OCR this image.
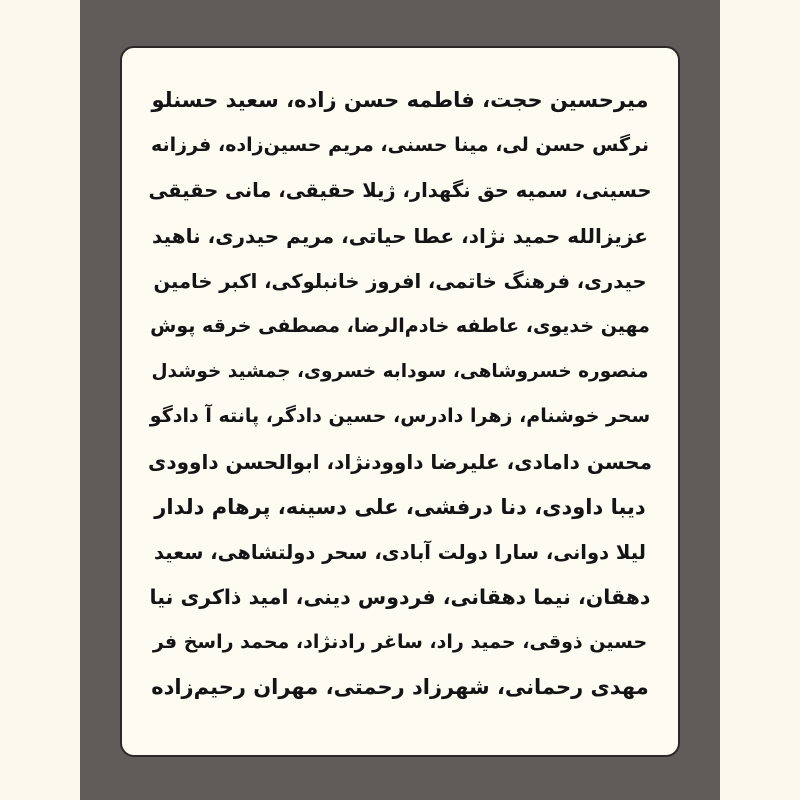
میرحسین حجت، فاطمه حسن زاده، سعید حسنلو
نرگس حسن لی، مینا حسنی، مریم حسین‌زاده، فرزانه
حسینی، سمیه حق نگهدار، ژیلا حقیقی، مانی حقیقی
عزیزالله حمید نژاد، عطا حیاتی، مریم حیدری، ناهید
حیدری، فرهنگ خاتمی، افروز خانبلوکی، اکبر خامین
مهین خدیوی، عاطفه خادم‌الرضا، مصطفی خرقه پوش
منصوره خسروشاهی، سودابه خسروی، جمشید خوشدل
سحر خوشنام، زهرا دادرس، حسین دادگر، پانته آ دادگو
محسن دامادی، علیرضا داوودنژاد، ابوالحسن داوودی
دیبا داودی، دنا درفشی، علی دسینه، پرهام دلدار
لیلا دوانی، سارا دولت آبادی، سحر دولتشاهی، سعید
دهقان، نیما دهقانی، فردوس دینی، امید ذاکری نیا
حسین ذوقی، حمید راد، ساغر رادنژاد، محمد راسخ فر
مهدی رحمانی، شهرزاد رحمتی، مهران رحیم‌زاده
